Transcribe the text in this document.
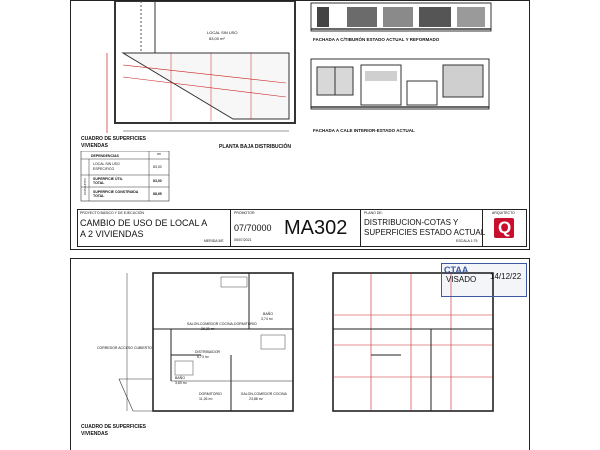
LOCAL SIN USO
83,00 m²
PLANTA BAJA DISTRIBUCIÓN
FACHADA A C/TIBURÓN ESTADO ACTUAL Y REFORMADO
FACHADA A CALE INTERIOR-ESTADO ACTUAL
CUADRO DE SUPERFICIES
VIVIENDAS
m²
DEPENDENCIAS
CONJUNTO
LOCAL SIN USO
ESPECIFICO	83,00
SUPERFICIE ÚTIL
TOTAL	83,00
SUPERFICIE CONSTRUIDA
TOTAL	88,95
PROYECTO BÁSICO Y DE EJECUCIÓN
CAMBIO DE USO DE LOCAL A
A 2 VIVIENDAS
MERIDA 5/E
PROMOTOR
07/70000
05/07/2021
MA302
PLANO DE:
DISTRIBUCION-COTAS Y
SUPERFICIES ESTADO ACTUAL
ESCALA 1:75
ARQUITECTO
Q
SALON-COMEDOR COCINA-DORMITORIO
26,30 m²
BAÑO
3,74 m²
DISTRIBUIDOR
6,73 m²
DORMITORIO
11,26 m²
SALON-COMEDOR COCINA
23,88 m²
CORREDOR ACCESO CUBIERTO
BAÑO
3,60 m²
CTAA
VISADO 14/12/22
CUADRO DE SUPERFICIES
VIVIENDAS
